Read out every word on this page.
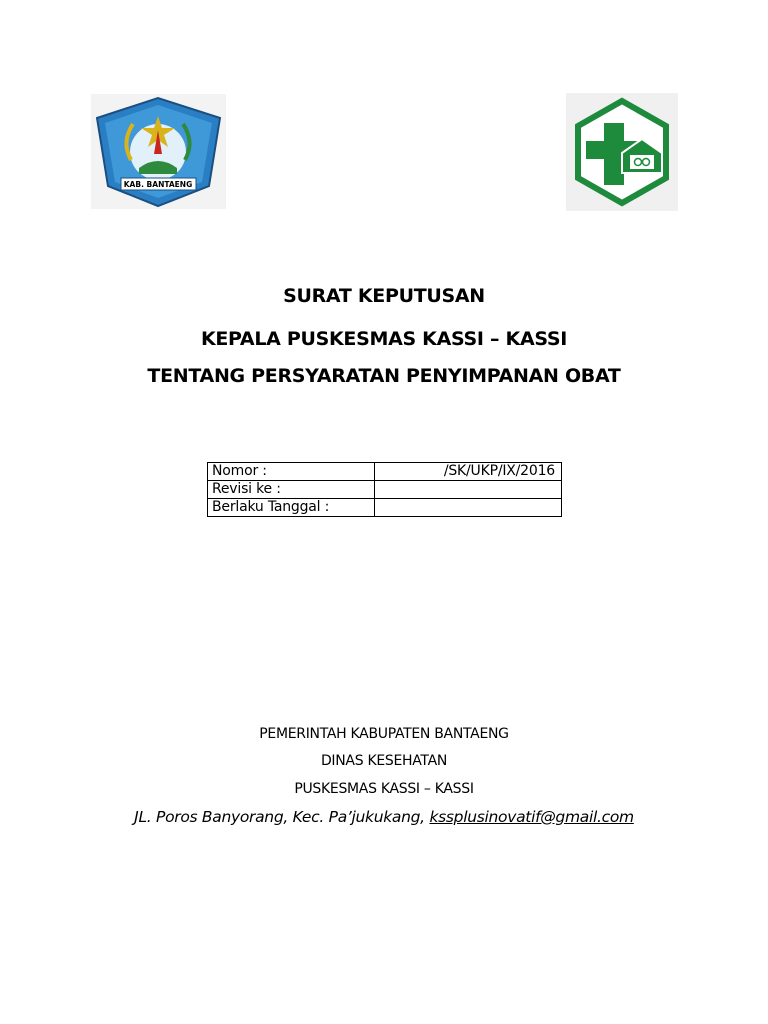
KAB. BANTAENG
SURAT KEPUTUSAN
KEPALA PUSKESMAS KASSI – KASSI
TENTANG PERSYARATAN PENYIMPANAN OBAT
Nomor :	/SK/UKP/IX/2016
Revisi ke :	
Berlaku Tanggal :	
PEMERINTAH KABUPATEN BANTAENG
DINAS KESEHATAN
PUSKESMAS KASSI – KASSI
JL. Poros Banyorang, Kec. Pa’jukukang, kssplusinovatif@gmail.com
